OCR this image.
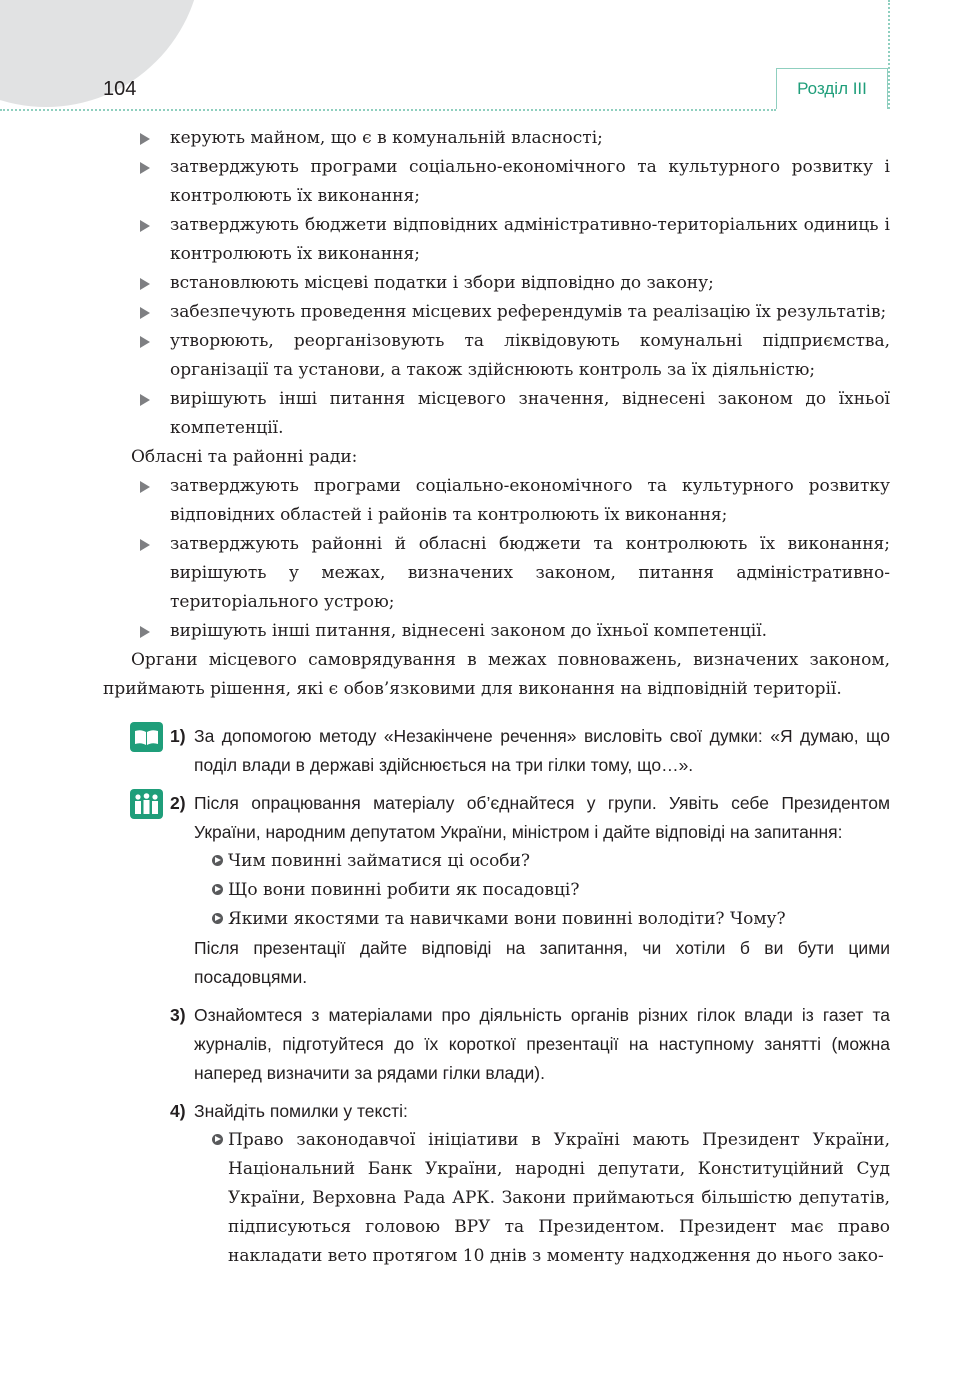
104	Розділ ІІІ
керують майном, що є в комунальній власності;
затверджують програми соціально-економічного та культурного розвитку і контролюють їх виконання;
затверджують бюджети відповідних адміністративно-територіальних одиниць і контролюють їх виконання;
встановлюють місцеві податки і збори відповідно до закону;
забезпечують проведення місцевих референдумів та реалізацію їх результатів;
утворюють, реорганізовують та ліквідовують комунальні підприємства, організації та установи, а також здійснюють контроль за їх діяльністю;
вирішують інші питання місцевого значення, віднесені законом до їхньої компетенції.

Обласні та районні ради:

затверджують програми соціально-економічного та культурного розвитку відповідних областей і районів та контролюють їх виконання;
затверджують районні й обласні бюджети та контролюють їх виконання; вирішують у межах, визначених законом, питання адміністративно-територіального устрою;
вирішують інші питання, віднесені законом до їхньої компетенції.

Органи місцевого самоврядування в межах повноважень, визначених законом, приймають рішення, які є обов’язковими для виконання на відповідній території.

1) За допомогою методу «Незакінчене речення» висловіть свої думки: «Я думаю, що поділ влади в державі здійснюється на три гілки тому, що…».
2) Після опрацювання матеріалу об’єднайтеся у групи. Уявіть себе Президентом України, народним депутатом України, міністром і дайте відповіді на запитання:
Чим повинні займатися ці особи?
Що вони повинні робити як посадовці?
Якими якостями та навичками вони повинні володіти? Чому?
Після презентації дайте відповіді на запитання, чи хотіли б ви бути цими посадовцями.
3) Ознайомтеся з матеріалами про діяльність органів різних гілок влади із газет та журналів, підготуйтеся до їх короткої презентації на наступному занятті (можна наперед визначити за рядами гілки влади).
4) Знайдіть помилки у тексті:
Право законодавчої ініціативи в Україні мають Президент України, Національний Банк України, народні депутати, Конституційний Суд України, Верховна Рада АРК. Закони приймаються більшістю депутатів, підписуються головою ВРУ та Президентом. Президент має право накладати вето протягом 10 днів з моменту надходження до нього зако-
